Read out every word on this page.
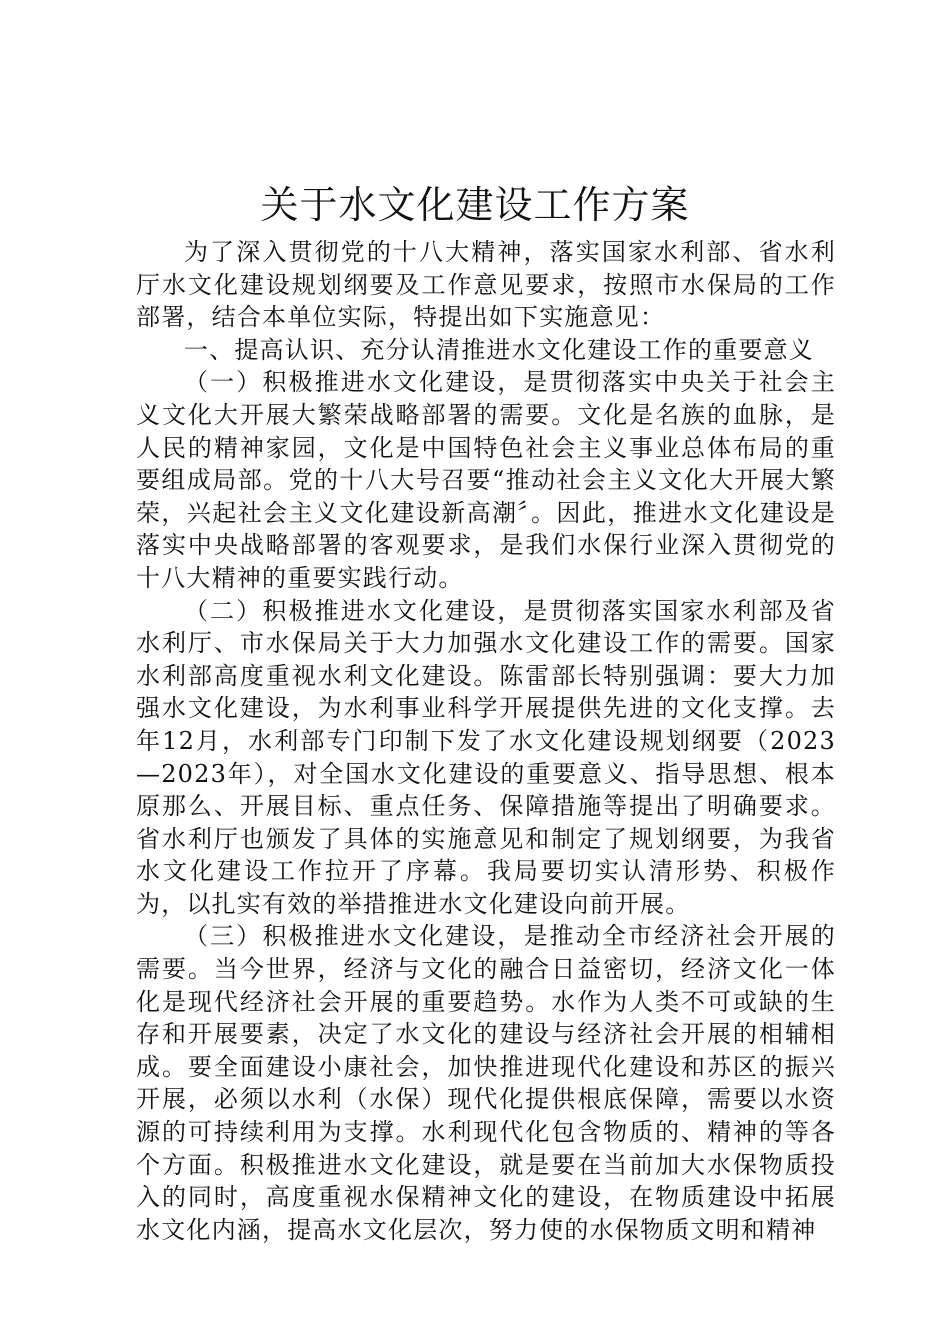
关于水文化建设工作方案

为了深入贯彻党的十八大精神，落实国家水利部、省水利厅水文化建设规划纲要及工作意见要求，按照市水保局的工作部署，结合本单位实际，特提出如下实施意见：

一、提高认识、充分认清推进水文化建设工作的重要意义

（一）积极推进水文化建设，是贯彻落实中央关于社会主义文化大开展大繁荣战略部署的需要。文化是名族的血脉，是人民的精神家园，文化是中国特色社会主义事业总体布局的重要组成局部。党的十八大号召要“推动社会主义文化大开展大繁荣，兴起社会主义文化建设新高潮〞。因此，推进水文化建设是落实中央战略部署的客观要求，是我们水保行业深入贯彻党的十八大精神的重要实践行动。

（二）积极推进水文化建设，是贯彻落实国家水利部及省水利厅、市水保局关于大力加强水文化建设工作的需要。国家水利部高度重视水利文化建设。陈雷部长特别强调：要大力加强水文化建设，为水利事业科学开展提供先进的文化支撑。去年12月，水利部专门印制下发了水文化建设规划纲要（2023—2023年），对全国水文化建设的重要意义、指导思想、根本原那么、开展目标、重点任务、保障措施等提出了明确要求。省水利厅也颁发了具体的实施意见和制定了规划纲要，为我省水文化建设工作拉开了序幕。我局要切实认清形势、积极作为，以扎实有效的举措推进水文化建设向前开展。

（三）积极推进水文化建设，是推动全市经济社会开展的需要。当今世界，经济与文化的融合日益密切，经济文化一体化是现代经济社会开展的重要趋势。水作为人类不可或缺的生存和开展要素，决定了水文化的建设与经济社会开展的相辅相成。要全面建设小康社会，加快推进现代化建设和苏区的振兴开展，必须以水利（水保）现代化提供根底保障，需要以水资源的可持续利用为支撑。水利现代化包含物质的、精神的等各个方面。积极推进水文化建设，就是要在当前加大水保物质投入的同时，高度重视水保精神文化的建设，在物质建设中拓展水文化内涵，提高水文化层次，努力使的水保物质文明和精神
